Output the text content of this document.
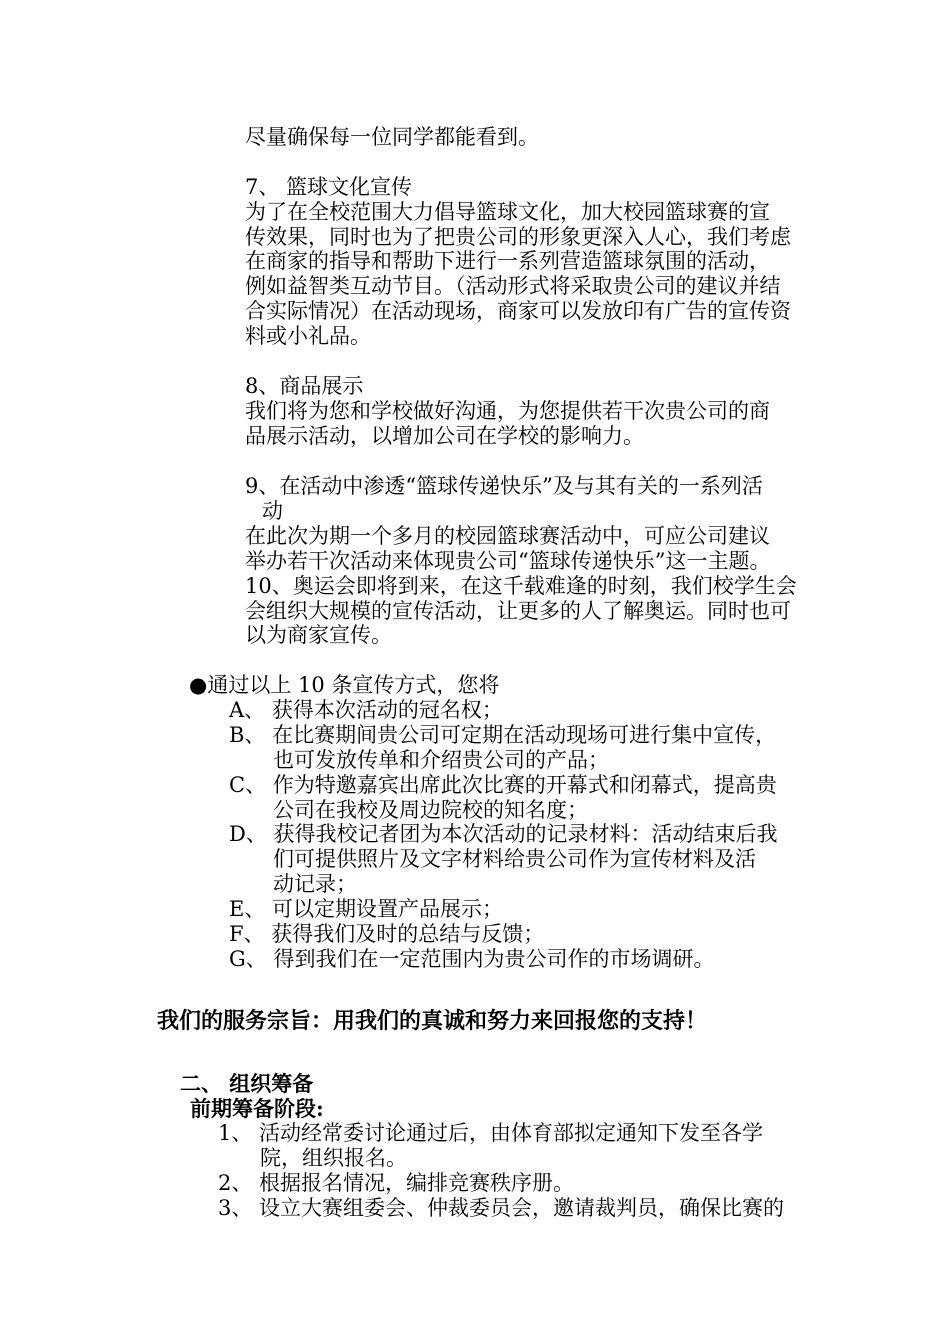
尽量确保每一位同学都能看到。
7、 篮球文化宣传
为了在全校范围大力倡导篮球文化，加大校园篮球赛的宣
传效果，同时也为了把贵公司的形象更深入人心，我们考虑
在商家的指导和帮助下进行一系列营造篮球氛围的活动，
例如益智类互动节目。（活动形式将采取贵公司的建议并结
合实际情况）在活动现场，商家可以发放印有广告的宣传资
料或小礼品。
8、商品展示
我们将为您和学校做好沟通，为您提供若干次贵公司的商
品展示活动，以增加公司在学校的影响力。
9、在活动中渗透“篮球传递快乐”及与其有关的一系列活
动
在此次为期一个多月的校园篮球赛活动中，可应公司建议
举办若干次活动来体现贵公司“篮球传递快乐”这一主题。
10、奥运会即将到来，在这千载难逢的时刻，我们校学生会
会组织大规模的宣传活动，让更多的人了解奥运。同时也可
以为商家宣传。
●通过以上 10 条宣传方式，您将
A、 获得本次活动的冠名权；
B、 在比赛期间贵公司可定期在活动现场可进行集中宣传，
也可发放传单和介绍贵公司的产品；
C、 作为特邀嘉宾出席此次比赛的开幕式和闭幕式，提高贵
公司在我校及周边院校的知名度；
D、 获得我校记者团为本次活动的记录材料：活动结束后我
们可提供照片及文字材料给贵公司作为宣传材料及活
动记录；
E、 可以定期设置产品展示；
F、 获得我们及时的总结与反馈；
G、 得到我们在一定范围内为贵公司作的市场调研。
我们的服务宗旨：用我们的真诚和努力来回报您的支持！
二、 组织筹备
前期筹备阶段:
1、 活动经常委讨论通过后，由体育部拟定通知下发至各学
院，组织报名。
2、 根据报名情况，编排竞赛秩序册。
3、 设立大赛组委会、仲裁委员会，邀请裁判员，确保比赛的
